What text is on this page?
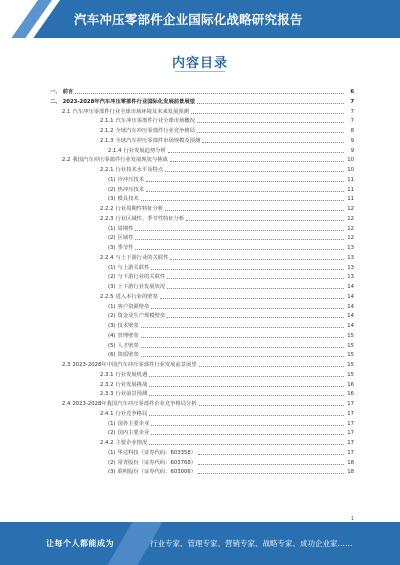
汽车冲压零部件企业国际化战略研究报告
内容目录
一、 前言	6
二、 2023-2028年汽车冲压零部件行业国际化发展前景展望	7
2.1 汽车冲压零部件行业全球市场环境及未来发展预测	7
2.1.1 汽车冲压零部件行业全球市场概况	7
2.1.2 全球汽车冲压零部件行业竞争格局	8
2.1.3 全球汽车冲压零部件市场规模及预测	9
2.1.4 行业发展趋势分析	9
2.2 我国汽车冲压零部件行业发展现状与挑战	10
2.2.1 行业技术水平及特点	10
(1) 冷冲压技术	11
(2) 热冲压技术	11
(3) 模具技术	11
2.2.2 行业周期性特征分析	12
2.2.3 行业区域性、季节性特征分析	12
(1) 周期性	12
(2) 区域性	12
(3) 季节性	13
2.2.4 与上下游行业的关联性	13
(1) 与上游关联性	13
(2) 与下游行业的关联性	13
(3) 上下游行业发展状况	14
2.2.5 进入本行业的壁垒	14
(1) 客户资源壁垒	14
(2) 资金及生产规模壁垒	14
(3) 技术壁垒	14
(4) 管理壁垒	15
(5) 人才壁垒	15
(6) 资质壁垒	15
2.3 2023-2028年中国汽车冲压零部件行业发展前景展望	15
2.3.1 行业发展机遇	15
2.3.2 行业发展挑战	16
2.3.3 行业前景预测	16
2.4 2023-2028年我国汽车冲压零部件企业竞争格局分析	17
2.4.1 行业竞争格局	17
(1) 国外主要企业	17
(2) 国内主要企业	17
2.4.2 主要企业情况	17
(1) 华达科技（证券代码：603358）	17
(2) 常青股份（证券代码：603768）	18
(3) 联明股份（证券代码：603006）	18
1
让每个人都能成为	行业专家、管理专家、营销专家、战略专家、成功企业家……
